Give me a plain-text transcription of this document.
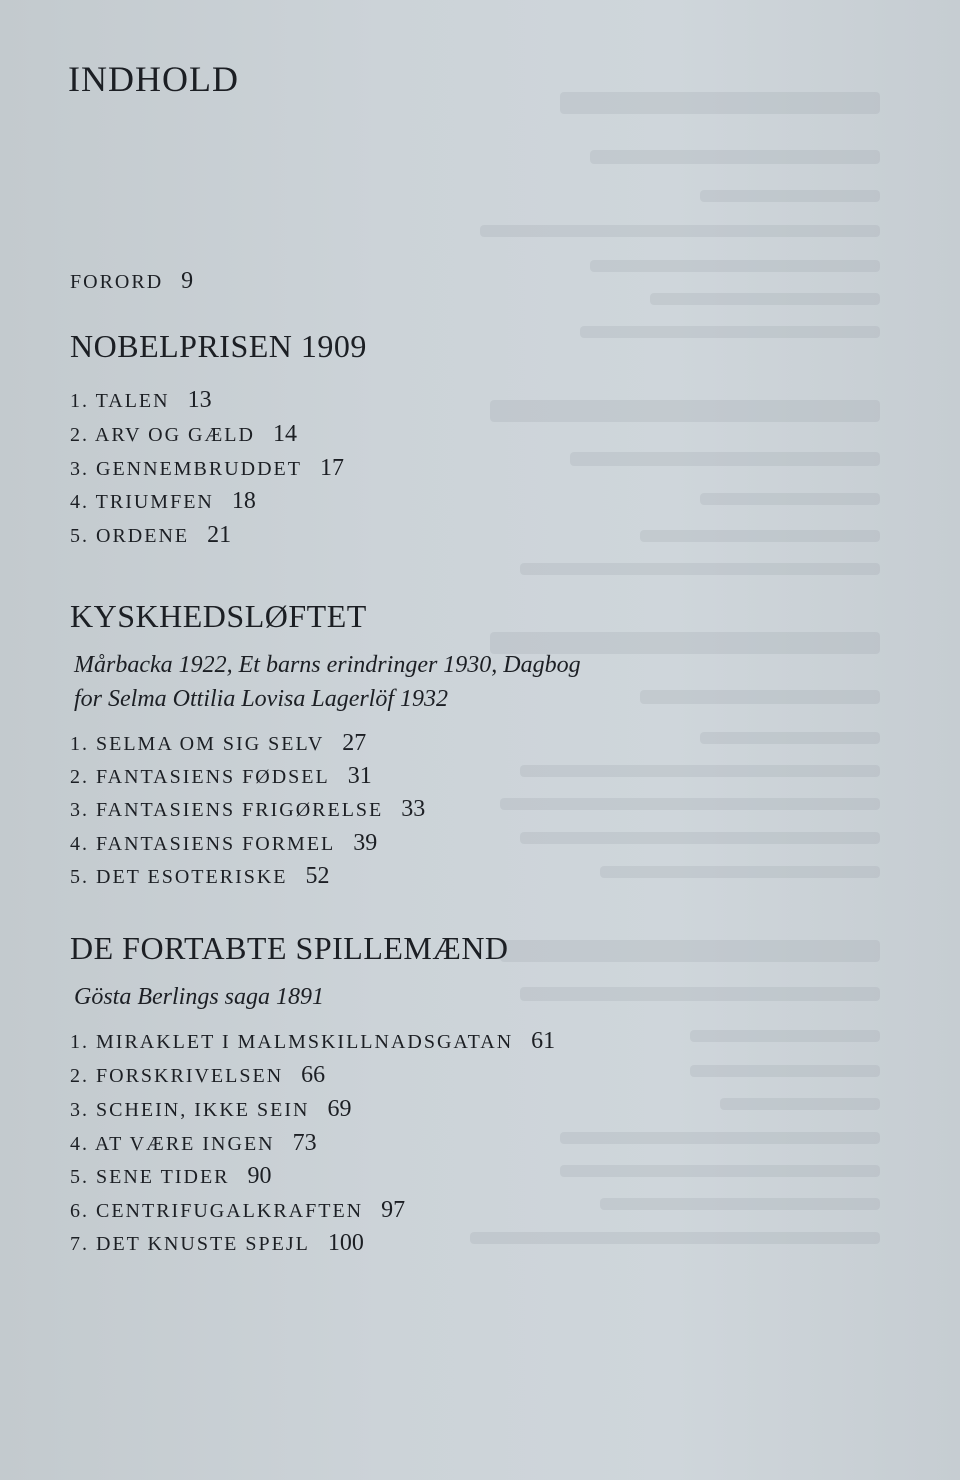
INDHOLD
FORORD 9
NOBELPRISEN 1909
1. TALEN 13
2. ARV OG GÆLD 14
3. GENNEMBRUDDET 17
4. TRIUMFEN 18
5. ORDENE 21
KYSKHEDSLØFTET
Mårbacka 1922, Et barns erindringer 1930, Dagbog
for Selma Ottilia Lovisa Lagerlöf 1932
1. SELMA OM SIG SELV 27
2. FANTASIENS FØDSEL 31
3. FANTASIENS FRIGØRELSE 33
4. FANTASIENS FORMEL 39
5. DET ESOTERISKE 52
DE FORTABTE SPILLEMÆND
Gösta Berlings saga 1891
1. MIRAKLET I MALMSKILLNADSGATAN 61
2. FORSKRIVELSEN 66
3. SCHEIN, IKKE SEIN 69
4. AT VÆRE INGEN 73
5. SENE TIDER 90
6. CENTRIFUGALKRAFTEN 97
7. DET KNUSTE SPEJL 100
